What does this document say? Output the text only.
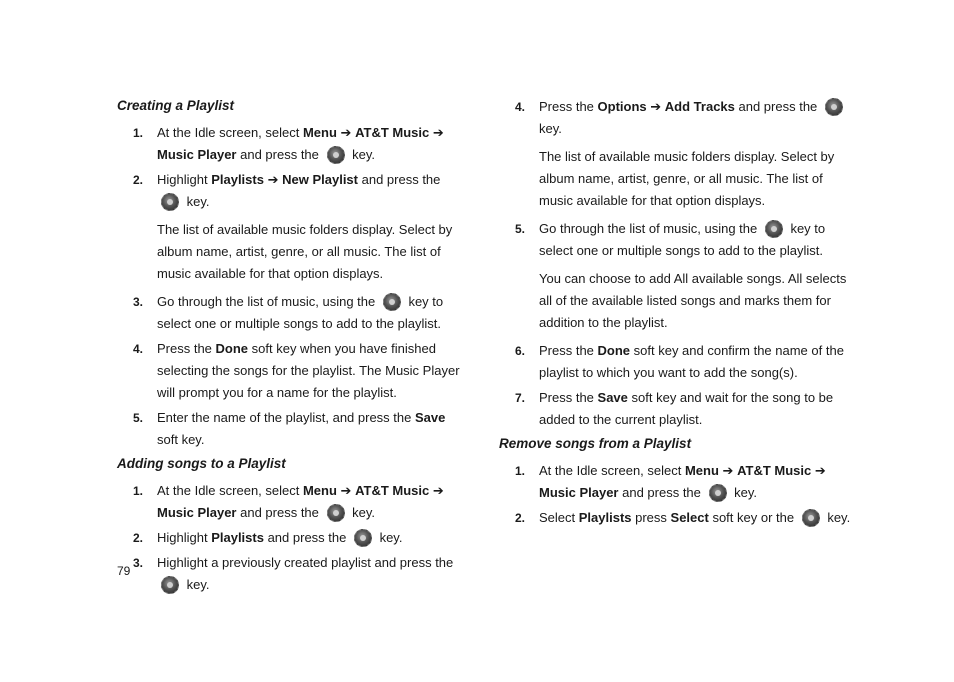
Creating a Playlist
1. At the Idle screen, select Menu ➔ AT&T Music ➔ Music Player and press the  key.

2. Highlight Playlists ➔ New Playlist and press the  key.

The list of available music folders display. Select by album name, artist, genre, or all music. The list of music available for that option displays.

3. Go through the list of music, using the  key to select one or multiple songs to add to the playlist.

4. Press the Done soft key when you have finished selecting the songs for the playlist. The Music Player will prompt you for a name for the playlist.

5. Enter the name of the playlist, and press the Save soft key.

Adding songs to a Playlist
1. At the Idle screen, select Menu ➔ AT&T Music ➔ Music Player and press the  key.

2. Highlight Playlists and press the  key.

3. Highlight a previously created playlist and press the  key.

4. Press the Options ➔ Add Tracks and press the  key.

The list of available music folders display. Select by album name, artist, genre, or all music. The list of music available for that option displays.

5. Go through the list of music, using the  key to select one or multiple songs to add to the playlist.

You can choose to add All available songs. All selects all of the available listed songs and marks them for addition to the playlist.

6. Press the Done soft key and confirm the name of the playlist to which you want to add the song(s).

7. Press the Save soft key and wait for the song to be added to the current playlist.

Remove songs from a Playlist
1. At the Idle screen, select Menu ➔ AT&T Music ➔ Music Player and press the  key.

2. Select Playlists press Select soft key or the  key.

79
